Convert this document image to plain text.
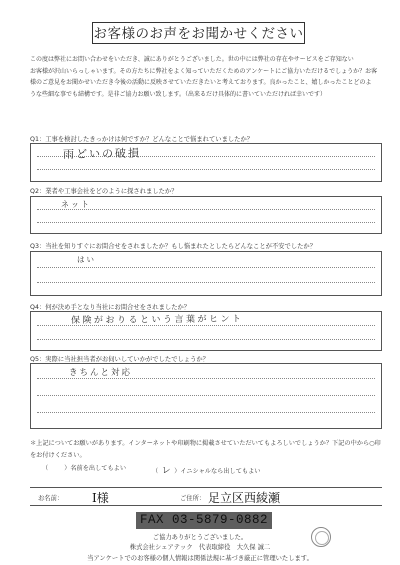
お客様のお声をお聞かせください
この度は弊社にお問い合わせをいただき、誠にありがとうございました。世の中には弊社の存在やサービスをご存知ない
お客様が沢山いらっしゃいます。その方たちに弊社をよく知っていただくためのアンケートにご協力いただけるでしょうか？お客
様のご意見をお聞かせいただき今後の活動に反映させていただきたいと考えております。良かったこと、嬉しかったことどのよ
うな些細な事でも結構です。是非ご協力お願い致します。（出来るだけ具体的に書いていただければ幸いです）
Q1：工事を検討したきっかけは何ですか？どんなことで悩まれていましたか？
雨どいの破損
Q2：業者や工事会社をどのように探されましたか？
ネット
Q3：当社を知りすぐにお問合せをされましたか？もし悩まれたとしたらどんなことが不安でしたか？
はい
Q4：何が決め手となり当社にお問合せをされましたか？
保険がおりるという言葉がヒント
Q5：実際に当社担当者がお伺いしていかがでしたでしょうか？
きちんと対応
＊上記についてお願いがあります。インターネットや印刷物に掲載させていただいてもよろしいでしょうか？下記の中から○印
をお付けください。
（	）名前を出してもよい	（ レ ）イニシャルなら出してもよい
お名前： I様	ご住所： 足立区西綾瀬
FAX 03-5879-0882
ご協力ありがとうございました。
株式会社シェアテック　代表取締役　大久保 誠二
当アンケートでのお客様の個人情報は関係法規に基づき厳正に管理いたします。
